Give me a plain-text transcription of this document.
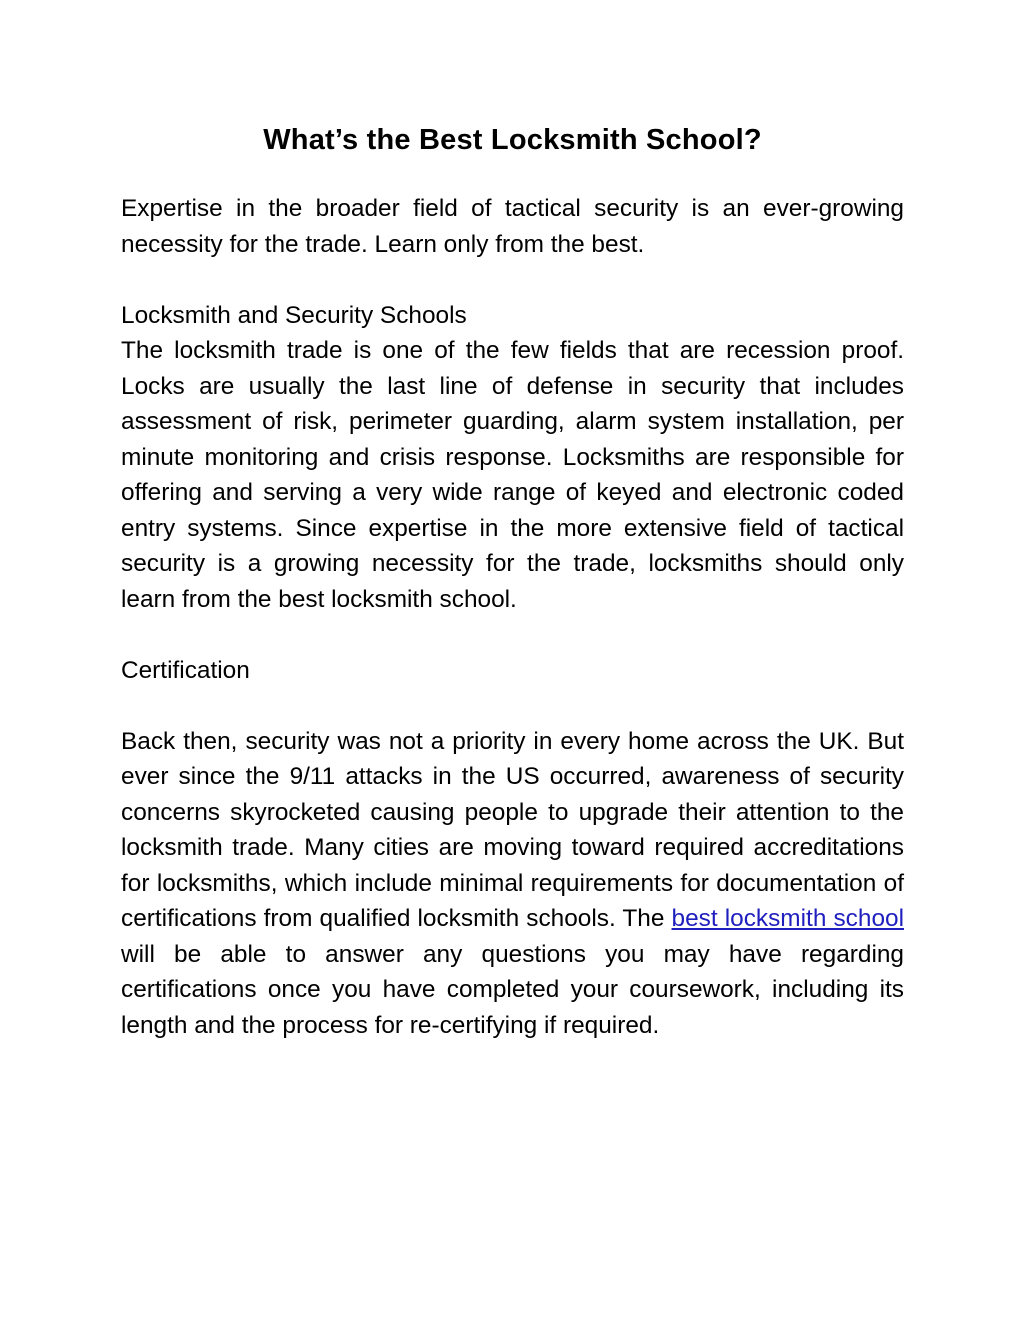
What’s the Best Locksmith School?

Expertise in the broader field of tactical security is an ever-growing necessity for the trade. Learn only from the best.

Locksmith and Security Schools

The locksmith trade is one of the few fields that are recession proof. Locks are usually the last line of defense in security that includes assessment of risk, perimeter guarding, alarm system installation, per minute monitoring and crisis response. Locksmiths are responsible for offering and serving a very wide range of keyed and electronic coded entry systems. Since expertise in the more extensive field of tactical security is a growing necessity for the trade, locksmiths should only learn from the best locksmith school.

Certification

Back then, security was not a priority in every home across the UK. But ever since the 9/11 attacks in the US occurred, awareness of security concerns skyrocketed causing people to upgrade their attention to the locksmith trade. Many cities are moving toward required accreditations for locksmiths, which include minimal requirements for documentation of certifications from qualified locksmith schools. The best locksmith school will be able to answer any questions you may have regarding certifications once you have completed your coursework, including its length and the process for re-certifying if required.
